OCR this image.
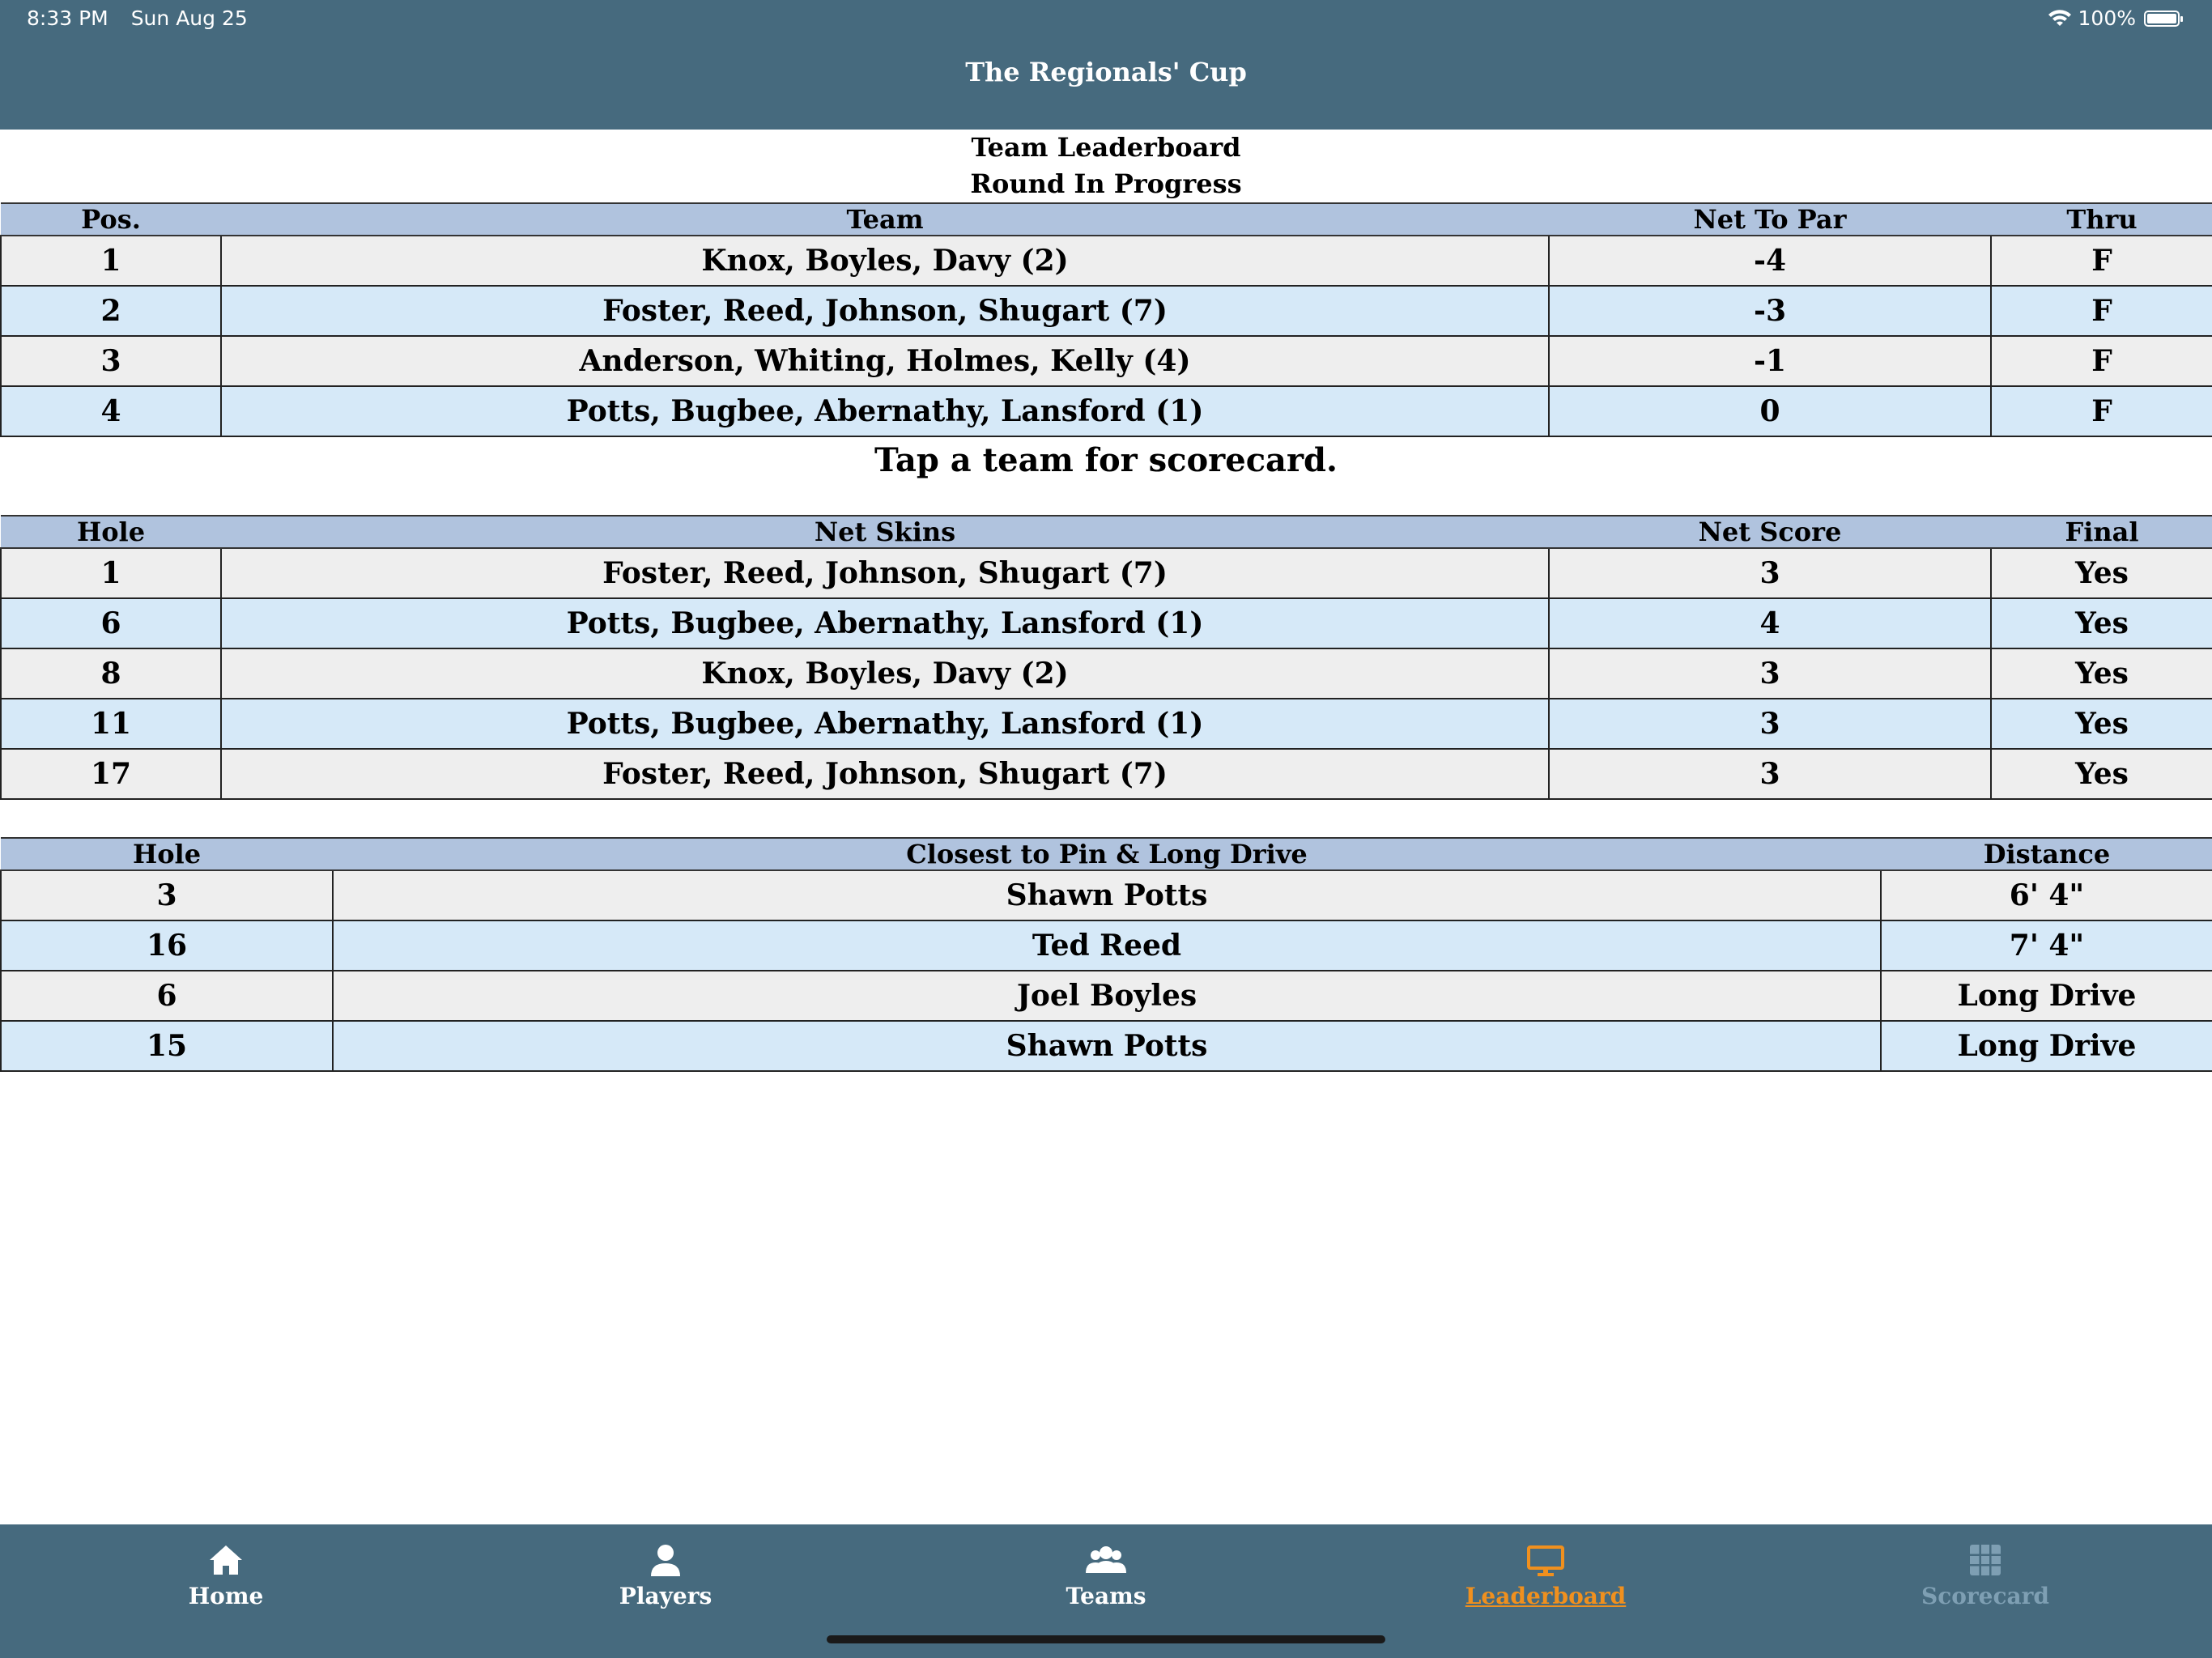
8:33 PM Sun Aug 25	100%
The Regionals' Cup
Team Leaderboard
Round In Progress
Pos.	Team	Net To Par	Thru
1	Knox, Boyles, Davy (2)	-4	F
2	Foster, Reed, Johnson, Shugart (7)	-3	F
3	Anderson, Whiting, Holmes, Kelly (4)	-1	F
4	Potts, Bugbee, Abernathy, Lansford (1)	0	F
Tap a team for scorecard.
Hole	Net Skins	Net Score	Final
1	Foster, Reed, Johnson, Shugart (7)	3	Yes
6	Potts, Bugbee, Abernathy, Lansford (1)	4	Yes
8	Knox, Boyles, Davy (2)	3	Yes
11	Potts, Bugbee, Abernathy, Lansford (1)	3	Yes
17	Foster, Reed, Johnson, Shugart (7)	3	Yes
Hole	Closest to Pin & Long Drive	Distance
3	Shawn Potts	6' 4"
16	Ted Reed	7' 4"
6	Joel Boyles	Long Drive
15	Shawn Potts	Long Drive
Home	Players	Teams	Leaderboard	Scorecard
